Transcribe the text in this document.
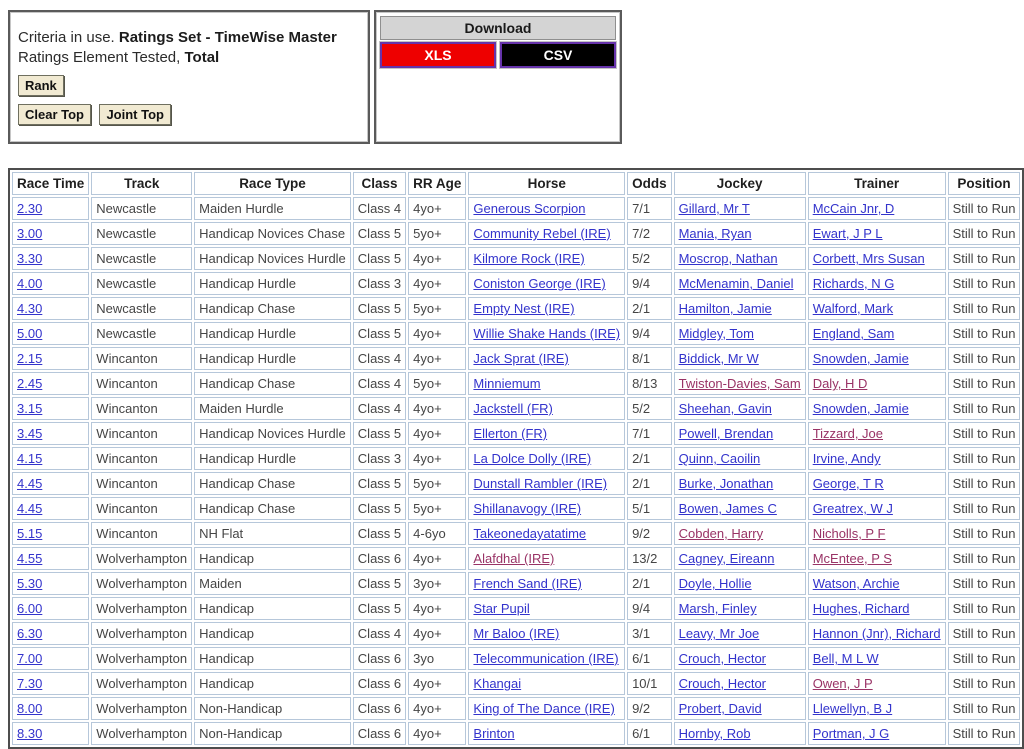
Criteria in use. Ratings Set - TimeWise Master Ratings Element Tested, Total
Rank
Clear Top Joint Top
Download
XLS	CSV
Race Time	Track	Race Type	Class	RR Age	Horse	Odds	Jockey	Trainer	Position
2.30	Newcastle	Maiden Hurdle	Class 4	4yo+	Generous Scorpion	7/1	Gillard, Mr T	McCain Jnr, D	Still to Run
3.00	Newcastle	Handicap Novices Chase	Class 5	5yo+	Community Rebel (IRE)	7/2	Mania, Ryan	Ewart, J P L	Still to Run
3.30	Newcastle	Handicap Novices Hurdle	Class 5	4yo+	Kilmore Rock (IRE)	5/2	Moscrop, Nathan	Corbett, Mrs Susan	Still to Run
4.00	Newcastle	Handicap Hurdle	Class 3	4yo+	Coniston George (IRE)	9/4	McMenamin, Daniel	Richards, N G	Still to Run
4.30	Newcastle	Handicap Chase	Class 5	5yo+	Empty Nest (IRE)	2/1	Hamilton, Jamie	Walford, Mark	Still to Run
5.00	Newcastle	Handicap Hurdle	Class 5	4yo+	Willie Shake Hands (IRE)	9/4	Midgley, Tom	England, Sam	Still to Run
2.15	Wincanton	Handicap Hurdle	Class 4	4yo+	Jack Sprat (IRE)	8/1	Biddick, Mr W	Snowden, Jamie	Still to Run
2.45	Wincanton	Handicap Chase	Class 4	5yo+	Minniemum	8/13	Twiston-Davies, Sam	Daly, H D	Still to Run
3.15	Wincanton	Maiden Hurdle	Class 4	4yo+	Jackstell (FR)	5/2	Sheehan, Gavin	Snowden, Jamie	Still to Run
3.45	Wincanton	Handicap Novices Hurdle	Class 5	4yo+	Ellerton (FR)	7/1	Powell, Brendan	Tizzard, Joe	Still to Run
4.15	Wincanton	Handicap Hurdle	Class 3	4yo+	La Dolce Dolly (IRE)	2/1	Quinn, Caoilin	Irvine, Andy	Still to Run
4.45	Wincanton	Handicap Chase	Class 5	5yo+	Dunstall Rambler (IRE)	2/1	Burke, Jonathan	George, T R	Still to Run
4.45	Wincanton	Handicap Chase	Class 5	5yo+	Shillanavogy (IRE)	5/1	Bowen, James C	Greatrex, W J	Still to Run
5.15	Wincanton	NH Flat	Class 5	4-6yo	Takeonedayatatime	9/2	Cobden, Harry	Nicholls, P F	Still to Run
4.55	Wolverhampton	Handicap	Class 6	4yo+	Alafdhal (IRE)	13/2	Cagney, Eireann	McEntee, P S	Still to Run
5.30	Wolverhampton	Maiden	Class 5	3yo+	French Sand (IRE)	2/1	Doyle, Hollie	Watson, Archie	Still to Run
6.00	Wolverhampton	Handicap	Class 5	4yo+	Star Pupil	9/4	Marsh, Finley	Hughes, Richard	Still to Run
6.30	Wolverhampton	Handicap	Class 4	4yo+	Mr Baloo (IRE)	3/1	Leavy, Mr Joe	Hannon (Jnr), Richard	Still to Run
7.00	Wolverhampton	Handicap	Class 6	3yo	Telecommunication (IRE)	6/1	Crouch, Hector	Bell, M L W	Still to Run
7.30	Wolverhampton	Handicap	Class 6	4yo+	Khangai	10/1	Crouch, Hector	Owen, J P	Still to Run
8.00	Wolverhampton	Non-Handicap	Class 6	4yo+	King of The Dance (IRE)	9/2	Probert, David	Llewellyn, B J	Still to Run
8.30	Wolverhampton	Non-Handicap	Class 6	4yo+	Brinton	6/1	Hornby, Rob	Portman, J G	Still to Run
